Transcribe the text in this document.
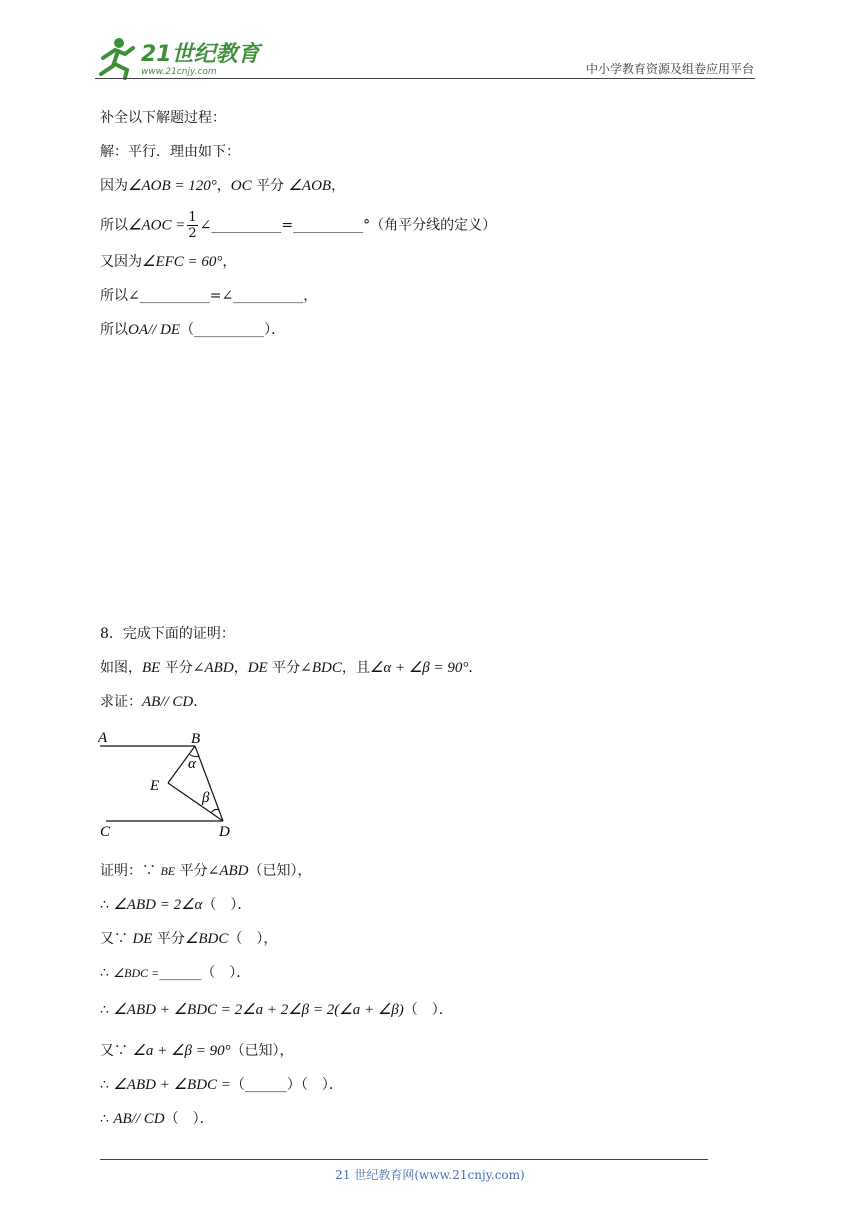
21世纪教育
www.21cnjy.com	中小学教育资源及组卷应用平台
补全以下解题过程：
解：平行．理由如下：
因为∠AOB = 120°，OC 平分 ∠AOB，
所以∠AOC = $\frac{1}{2}$ ∠__________=__________°（角平分线的定义）
又因为∠EFC = 60°，
所以∠__________=∠__________，
所以OA// DE（__________）．
8．完成下面的证明：
如图，BE 平分∠ABD，DE 平分∠BDC，且∠α + ∠β = 90°．
求证：AB// CD．
A	B
E
C	D
α
β
证明：∵ BE 平分∠ABD（已知），
∴ ∠ABD = 2∠α（　）．
又∵ DE 平分∠BDC（　），
∴ ∠BDC =______（　）．
∴ ∠ABD + ∠BDC = 2∠a + 2∠β = 2(∠a + ∠β)（　）．
又∵ ∠a + ∠β = 90°（已知），
∴ ∠ABD + ∠BDC =（______）（　）．
∴ AB// CD（　）．
21 世纪教育网(www.21cnjy.com)
